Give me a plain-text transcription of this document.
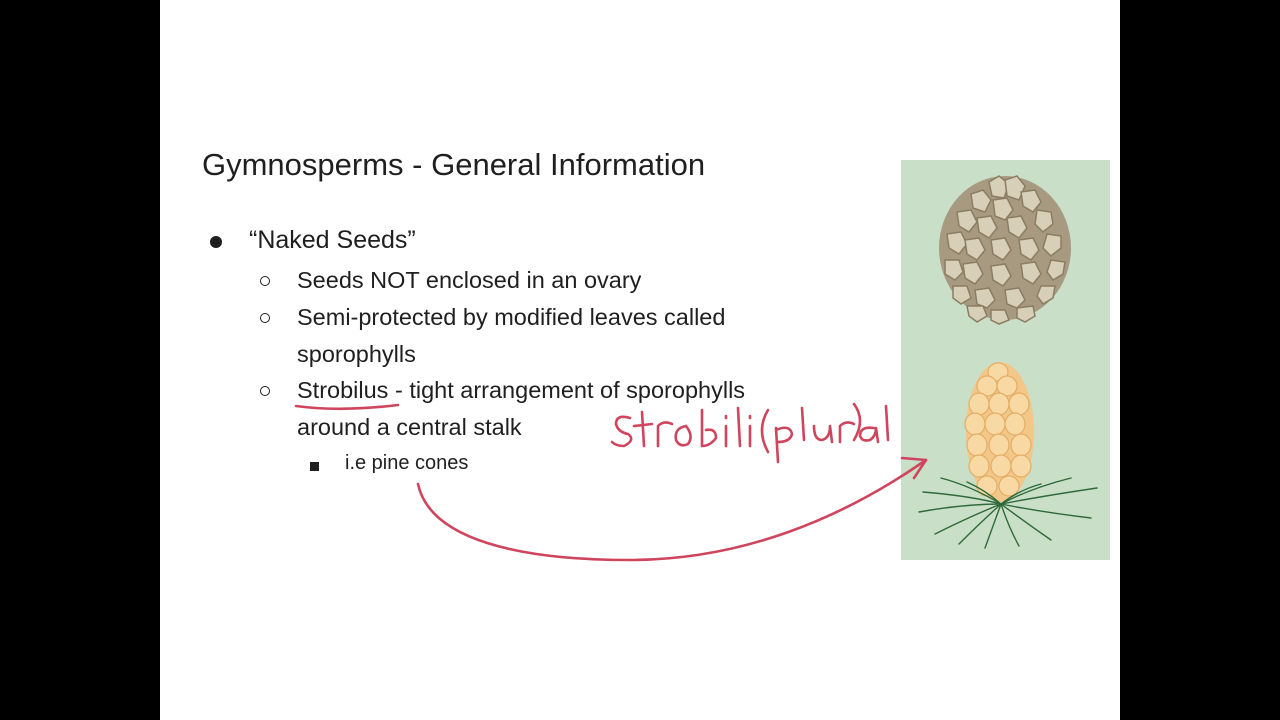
Gymnosperms - General Information
“Naked Seeds”
Seeds NOT enclosed in an ovary
Semi-protected by modified leaves called
sporophylls
Strobilus - tight arrangement of sporophylls
around a central stalk
i.e pine cones
